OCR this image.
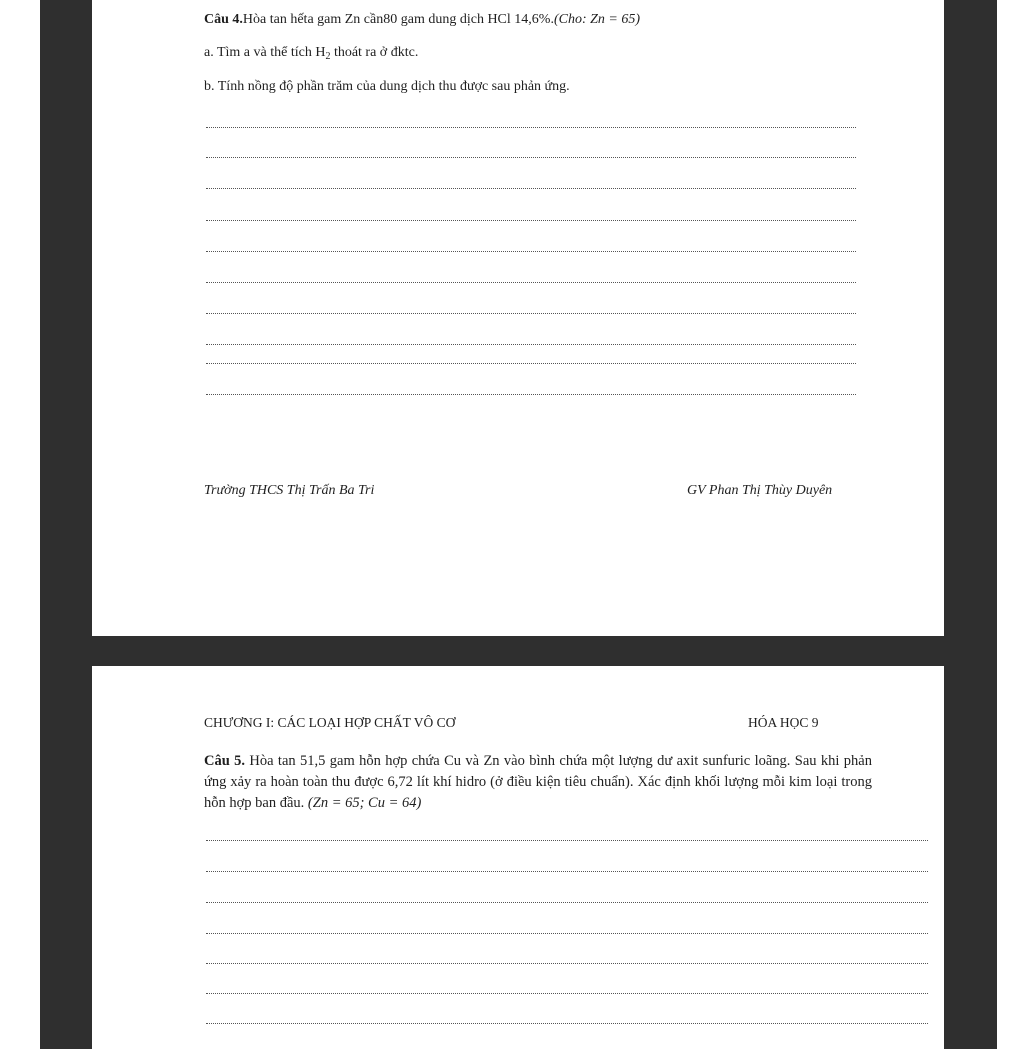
Câu 4.Hòa tan hếta gam Zn cần80 gam dung dịch HCl 14,6%.(Cho: Zn = 65)
a. Tìm a và thể tích $H_2$ thoát ra ở đktc.
b. Tính nồng độ phần trăm của dung dịch thu được sau phản ứng.
Trường THCS Thị Trấn Ba Tri	GV Phan Thị Thùy Duyên
CHƯƠNG I: CÁC LOẠI HỢP CHẤT VÔ CƠ	HÓA HỌC 9
Câu 5. Hòa tan 51,5 gam hỗn hợp chứa Cu và Zn vào bình chứa một lượng dư axit sunfuric loãng. Sau khi phản ứng xảy ra hoàn toàn thu được 6,72 lít khí hidro (ở điều kiện tiêu chuẩn). Xác định khối lượng mỗi kim loại trong hỗn hợp ban đầu. (Zn = 65; Cu = 64)
